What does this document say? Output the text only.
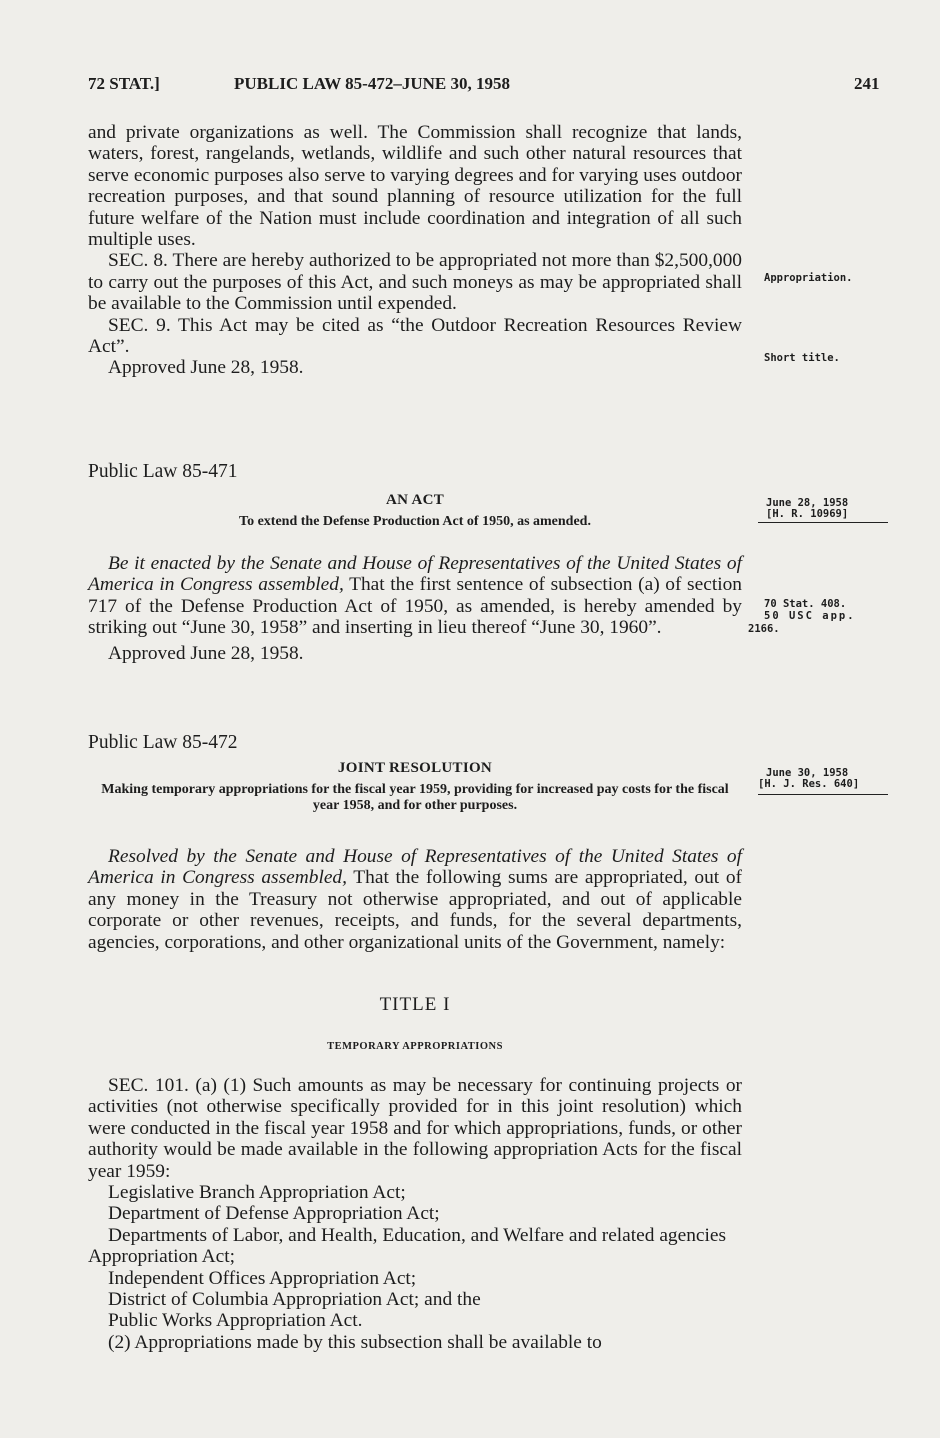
72 STAT.]	PUBLIC LAW 85-472–JUNE 30, 1958	241

and private organizations as well. The Commission shall recognize that lands, waters, forest, rangelands, wetlands, wildlife and such other natural resources that serve economic purposes also serve to varying degrees and for varying uses outdoor recreation purposes, and that sound planning of resource utilization for the full future welfare of the Nation must include coordination and integration of all such multiple uses.

SEC. 8. There are hereby authorized to be appropriated not more than $2,500,000 to carry out the purposes of this Act, and such moneys as may be appropriated shall be available to the Commission until expended.

SEC. 9. This Act may be cited as “the Outdoor Recreation Resources Review Act”.

Approved June 28, 1958.

Public Law 85-471
AN ACT
To extend the Defense Production Act of 1950, as amended.

Be it enacted by the Senate and House of Representatives of the United States of America in Congress assembled, That the first sentence of subsection (a) of section 717 of the Defense Production Act of 1950, as amended, is hereby amended by striking out “June 30, 1958” and inserting in lieu thereof “June 30, 1960”.

Approved June 28, 1958.

Public Law 85-472
JOINT RESOLUTION
Making temporary appropriations for the fiscal year 1959, providing for increased pay costs for the fiscal year 1958, and for other purposes.

Resolved by the Senate and House of Representatives of the United States of America in Congress assembled, That the following sums are appropriated, out of any money in the Treasury not otherwise appropriated, and out of applicable corporate or other revenues, receipts, and funds, for the several departments, agencies, corporations, and other organizational units of the Government, namely:

TITLE I
TEMPORARY APPROPRIATIONS

SEC. 101. (a) (1) Such amounts as may be necessary for continuing projects or activities (not otherwise specifically provided for in this joint resolution) which were conducted in the fiscal year 1958 and for which appropriations, funds, or other authority would be made available in the following appropriation Acts for the fiscal year 1959:

Legislative Branch Appropriation Act;

Department of Defense Appropriation Act;

Departments of Labor, and Health, Education, and Welfare and related agencies Appropriation Act;

Independent Offices Appropriation Act;

District of Columbia Appropriation Act; and the

Public Works Appropriation Act.

(2) Appropriations made by this subsection shall be available to

Appropriation.
Short title.
June 28, 1958
[H. R. 10969]
70 Stat. 408.
50 USC app.
2166.
June 30, 1958
[H. J. Res. 640]
